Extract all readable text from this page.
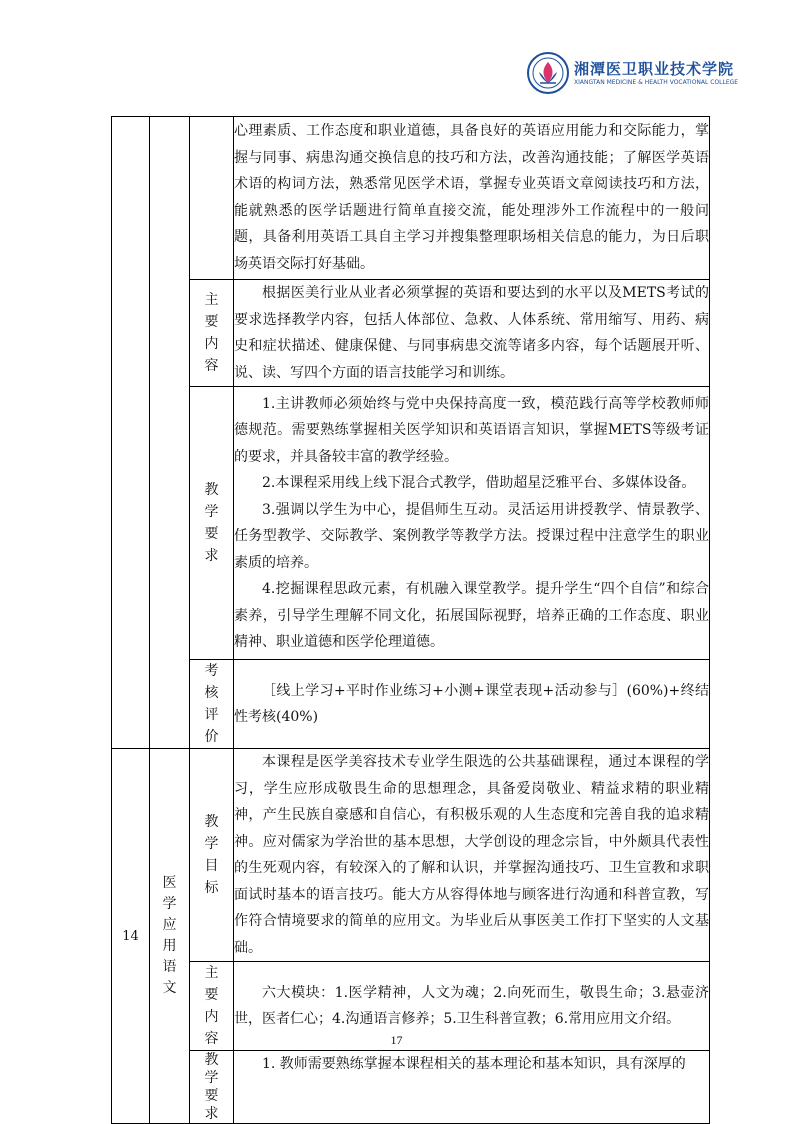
湘潭医卫职业技术学院
XIANGTAN MEDICINE & HEALTH VOCATIONAL COLLEGE

			心理素质、工作态度和职业道德，具备良好的英语应用能力和交际能力，掌握与同事、病患沟通交换信息的技巧和方法，改善沟通技能；了解医学英语术语的构词方法，熟悉常见医学术语，掌握专业英语文章阅读技巧和方法，能就熟悉的医学话题进行简单直接交流，能处理涉外工作流程中的一般问题，具备利用英语工具自主学习并搜集整理职场相关信息的能力，为日后职场英语交际打好基础。

		主要内容	根据医美行业从业者必须掌握的英语和要达到的水平以及METS考试的要求选择教学内容，包括人体部位、急救、人体系统、常用缩写、用药、病史和症状描述、健康保健、与同事病患交流等诸多内容，每个话题展开听、说、读、写四个方面的语言技能学习和训练。

		教学要求	1.主讲教师必须始终与党中央保持高度一致，模范践行高等学校教师师德规范。需要熟练掌握相关医学知识和英语语言知识，掌握METS等级考证的要求，并具备较丰富的教学经验。

2.本课程采用线上线下混合式教学，借助超星泛雅平台、多媒体设备。

3.强调以学生为中心，提倡师生互动。灵活运用讲授教学、情景教学、任务型教学、交际教学、案例教学等教学方法。授课过程中注意学生的职业素质的培养。

4.挖掘课程思政元素，有机融入课堂教学。提升学生“四个自信”和综合素养，引导学生理解不同文化，拓展国际视野，培养正确的工作态度、职业精神、职业道德和医学伦理道德。

		考核评价	［线上学习+平时作业练习+小测+课堂表现+活动参与］(60%)+终结性考核(40%)

14	医学应用语文	教学目标	本课程是医学美容技术专业学生限选的公共基础课程，通过本课程的学习，学生应形成敬畏生命的思想理念，具备爱岗敬业、精益求精的职业精神，产生民族自豪感和自信心，有积极乐观的人生态度和完善自我的追求精神。应对儒家为学治世的基本思想，大学创设的理念宗旨，中外颇具代表性的生死观内容，有较深入的了解和认识，并掌握沟通技巧、卫生宣教和求职面试时基本的语言技巧。能大方从容得体地与顾客进行沟通和科普宣教，写作符合情境要求的简单的应用文。为毕业后从事医美工作打下坚实的人文基础。

		主要内容	六大模块：1.医学精神，人文为魂；2.向死而生，敬畏生命；3.悬壶济世，医者仁心；4.沟通语言修养；5.卫生科普宣教；6.常用应用文介绍。

		教学要求	1. 教师需要熟练掌握本课程相关的基本理论和基本知识，具有深厚的

17
